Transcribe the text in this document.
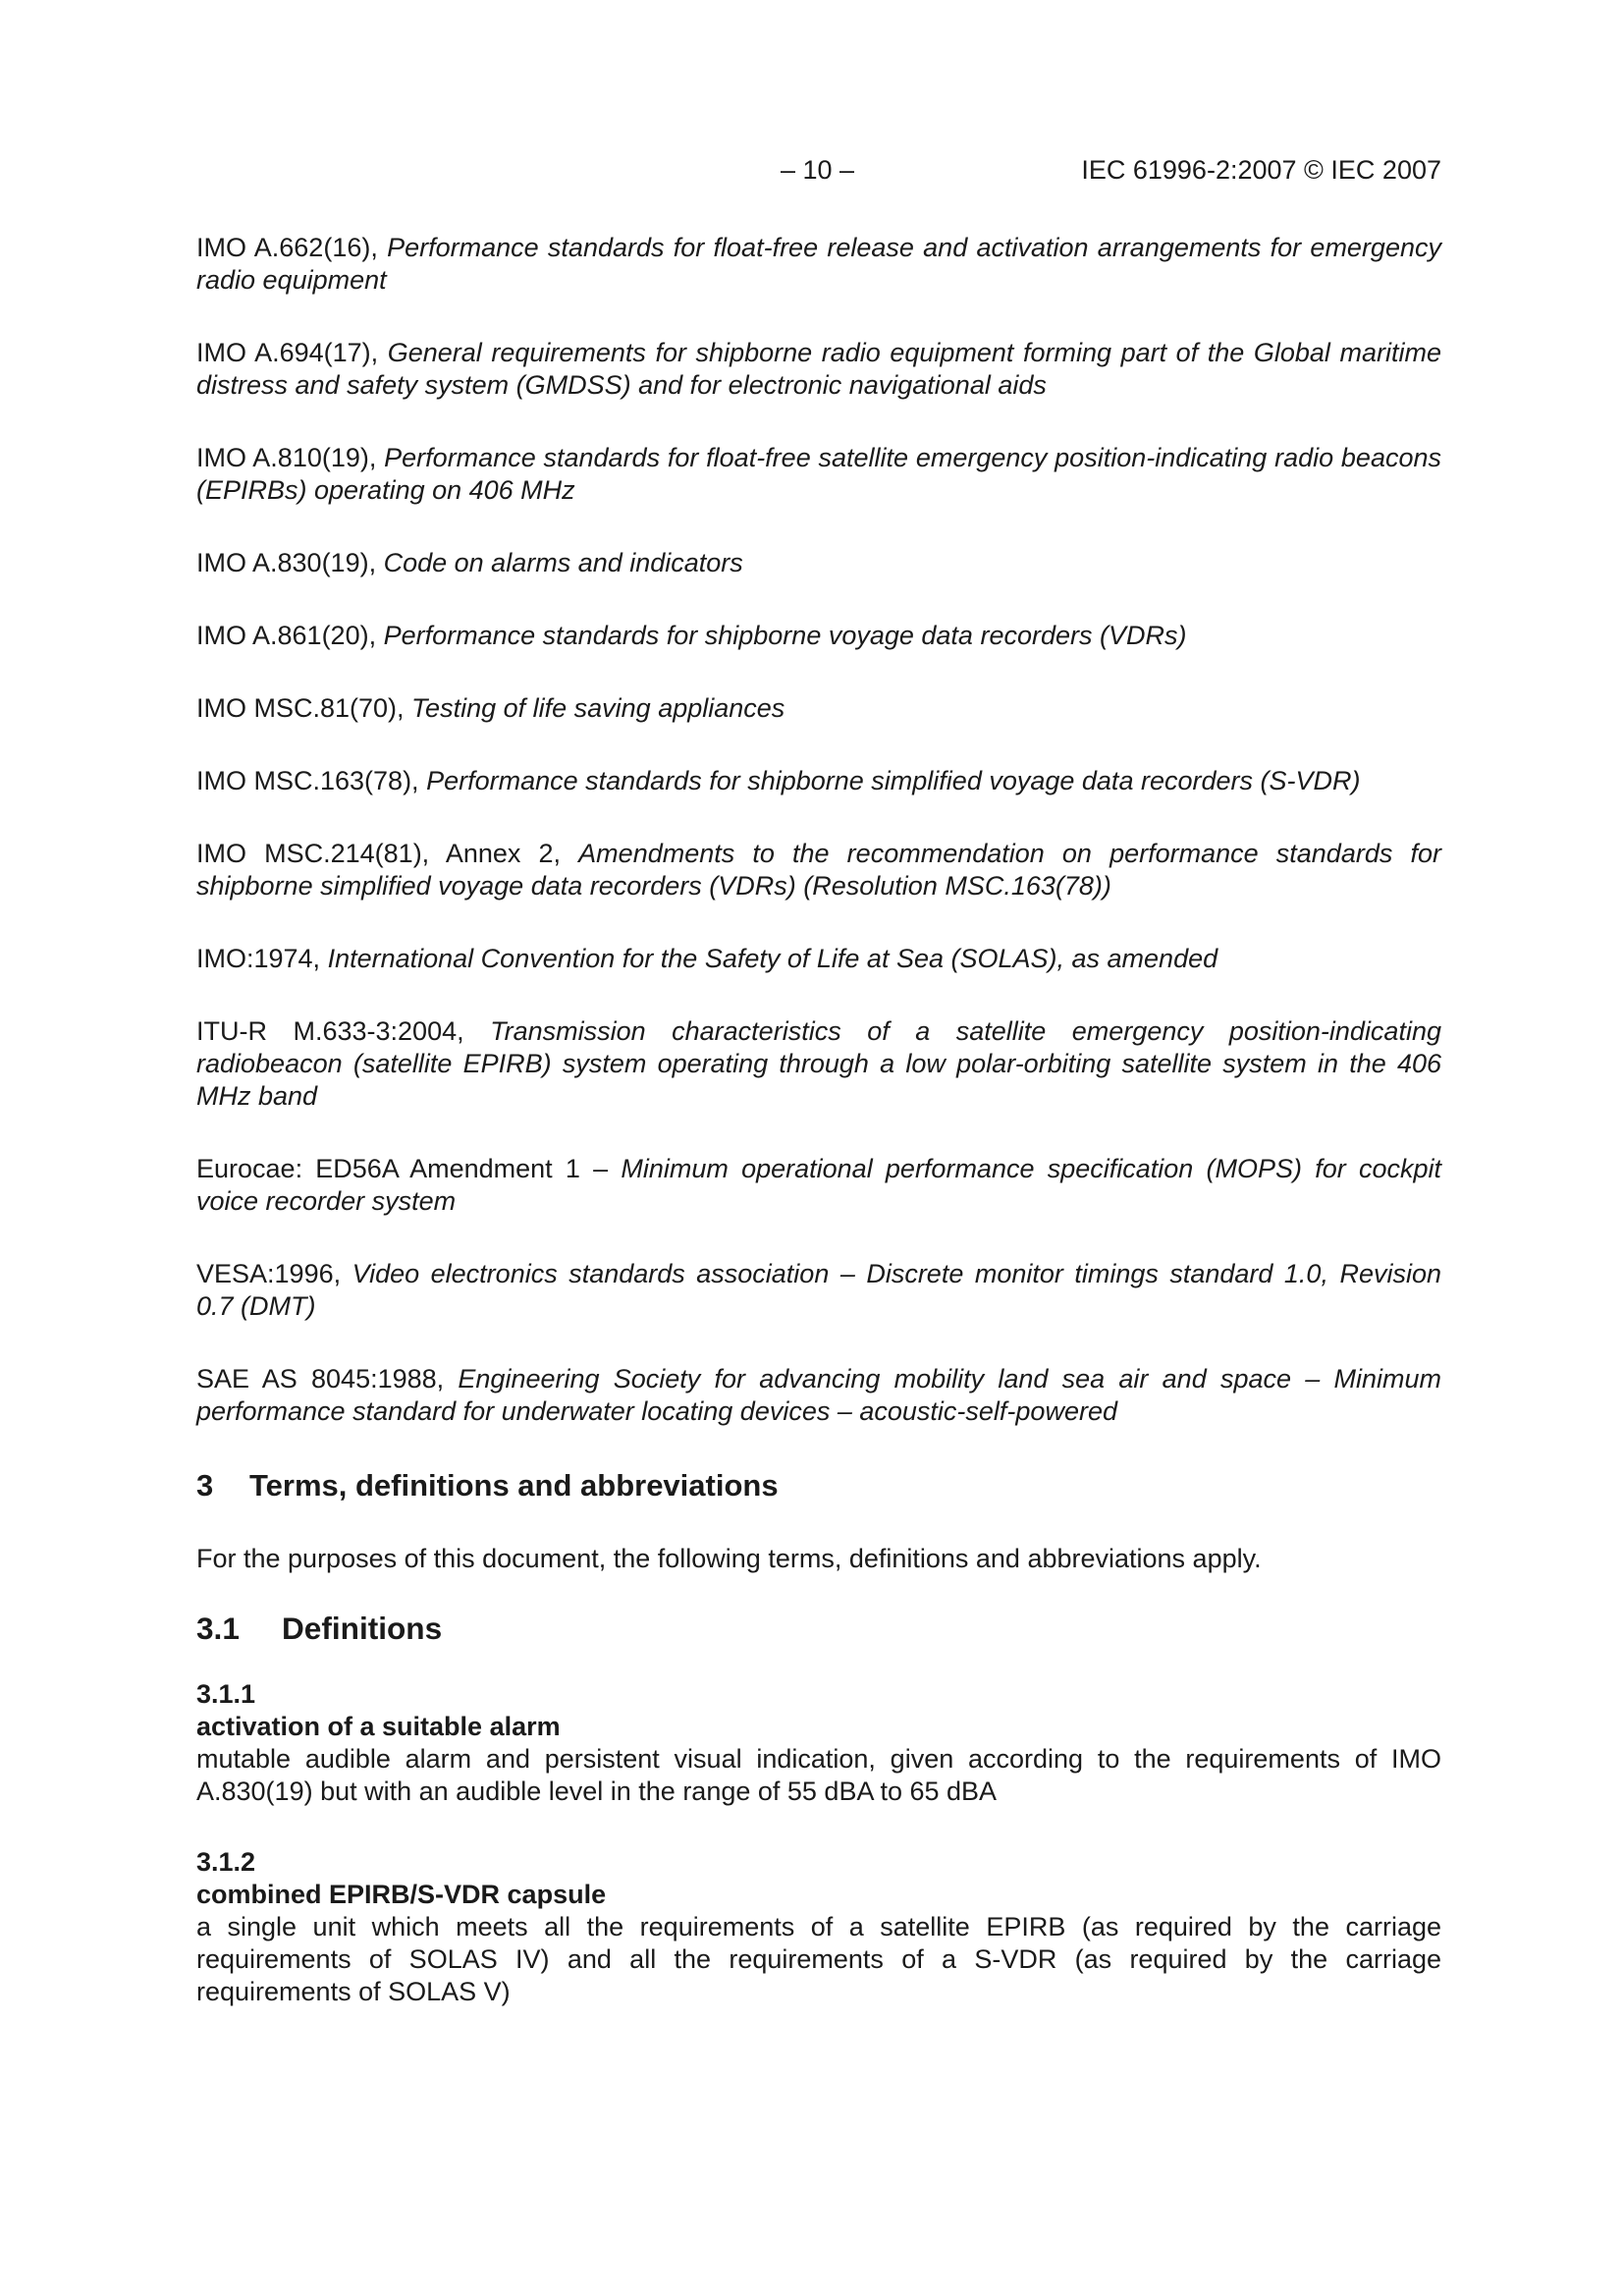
– 10 –	IEC 61996-2:2007 © IEC 2007

IMO A.662(16), Performance standards for float-free release and activation arrangements for emergency radio equipment

IMO A.694(17), General requirements for shipborne radio equipment forming part of the Global maritime distress and safety system (GMDSS) and for electronic navigational aids

IMO A.810(19), Performance standards for float-free satellite emergency position-indicating radio beacons (EPIRBs) operating on 406 MHz

IMO A.830(19), Code on alarms and indicators

IMO A.861(20), Performance standards for shipborne voyage data recorders (VDRs)

IMO MSC.81(70), Testing of life saving appliances

IMO MSC.163(78), Performance standards for shipborne simplified voyage data recorders (S-VDR)

IMO MSC.214(81), Annex 2, Amendments to the recommendation on performance standards for shipborne simplified voyage data recorders (VDRs) (Resolution MSC.163(78))

IMO:1974, International Convention for the Safety of Life at Sea (SOLAS), as amended

ITU-R M.633-3:2004, Transmission characteristics of a satellite emergency position-indicating radiobeacon (satellite EPIRB) system operating through a low polar-orbiting satellite system in the 406 MHz band

Eurocae: ED56A Amendment 1 – Minimum operational performance specification (MOPS) for cockpit voice recorder system

VESA:1996, Video electronics standards association – Discrete monitor timings standard 1.0, Revision 0.7 (DMT)

SAE AS 8045:1988, Engineering Society for advancing mobility land sea air and space – Minimum performance standard for underwater locating devices – acoustic-self-powered

3 Terms, definitions and abbreviations

For the purposes of this document, the following terms, definitions and abbreviations apply.

3.1 Definitions
3.1.1
activation of a suitable alarm
mutable audible alarm and persistent visual indication, given according to the requirements of IMO A.830(19) but with an audible level in the range of 55 dBA to 65 dBA
3.1.2
combined EPIRB/S-VDR capsule
a single unit which meets all the requirements of a satellite EPIRB (as required by the carriage requirements of SOLAS IV) and all the requirements of a S-VDR (as required by the carriage requirements of SOLAS V)
